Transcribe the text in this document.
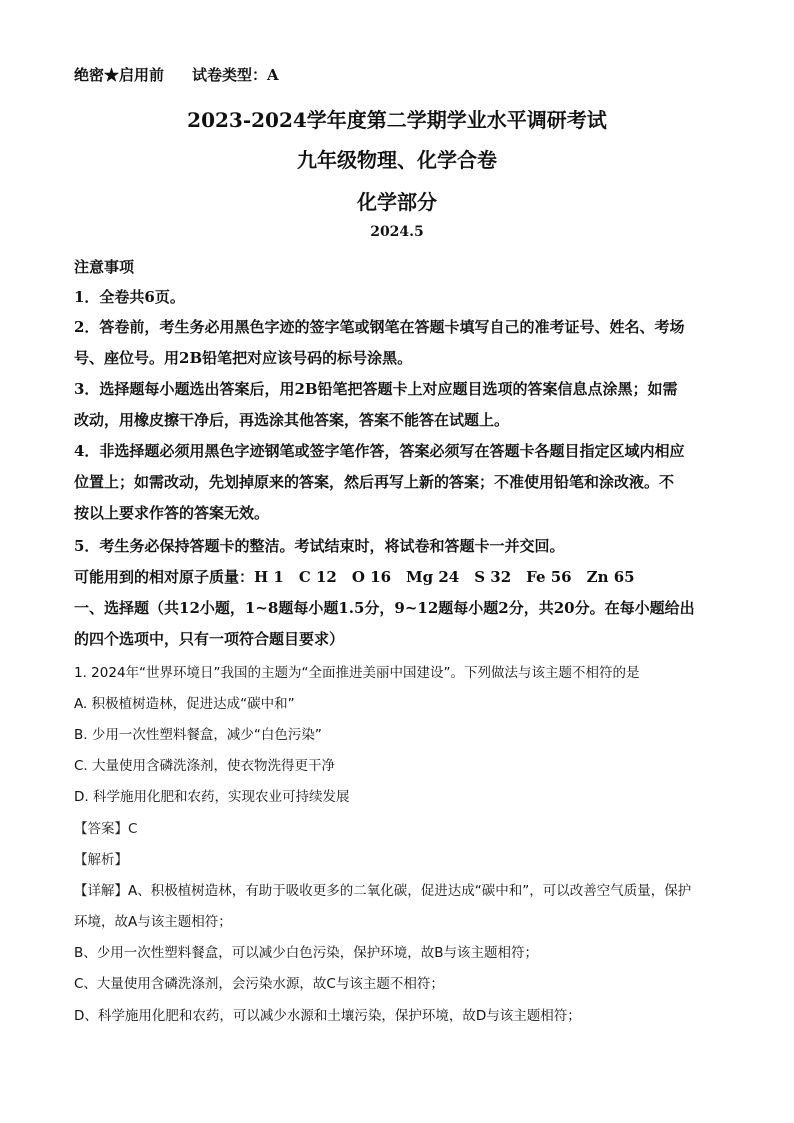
绝密★启用前 试卷类型：A
2023-2024学年度第二学期学业水平调研考试
九年级物理、化学合卷
化学部分
2024.5
注意事项
1．全卷共6页。
2．答卷前，考生务必用黑色字迹的签字笔或钢笔在答题卡填写自己的准考证号、姓名、考场
号、座位号。用2B铅笔把对应该号码的标号涂黑。
3．选择题每小题选出答案后，用2B铅笔把答题卡上对应题目选项的答案信息点涂黑；如需
改动，用橡皮擦干净后，再选涂其他答案，答案不能答在试题上。
4．非选择题必须用黑色字迹钢笔或签字笔作答，答案必须写在答题卡各题目指定区域内相应
位置上；如需改动，先划掉原来的答案，然后再写上新的答案；不准使用铅笔和涂改液。不
按以上要求作答的答案无效。
5．考生务必保持答题卡的整洁。考试结束时，将试卷和答题卡一并交回。
可能用到的相对原子质量：H 1　C 12　O 16　Mg 24　S 32　Fe 56　Zn 65
一、选择题（共12小题，1~8题每小题1.5分，9~12题每小题2分，共20分。在每小题给出
的四个选项中，只有一项符合题目要求）
1. 2024年“世界环境日”我国的主题为“全面推进美丽中国建设”。下列做法与该主题不相符的是
A. 积极植树造林，促进达成“碳中和”
B. 少用一次性塑料餐盒，减少“白色污染”
C. 大量使用含磷洗涤剂，使衣物洗得更干净
D. 科学施用化肥和农药，实现农业可持续发展
【答案】C
【解析】
【详解】A、积极植树造林，有助于吸收更多的二氧化碳，促进达成“碳中和”，可以改善空气质量，保护
环境，故A与该主题相符；
B、少用一次性塑料餐盒，可以减少白色污染，保护环境，故B与该主题相符；
C、大量使用含磷洗涤剂，会污染水源，故C与该主题不相符；
D、科学施用化肥和农药，可以减少水源和土壤污染，保护环境，故D与该主题相符；
